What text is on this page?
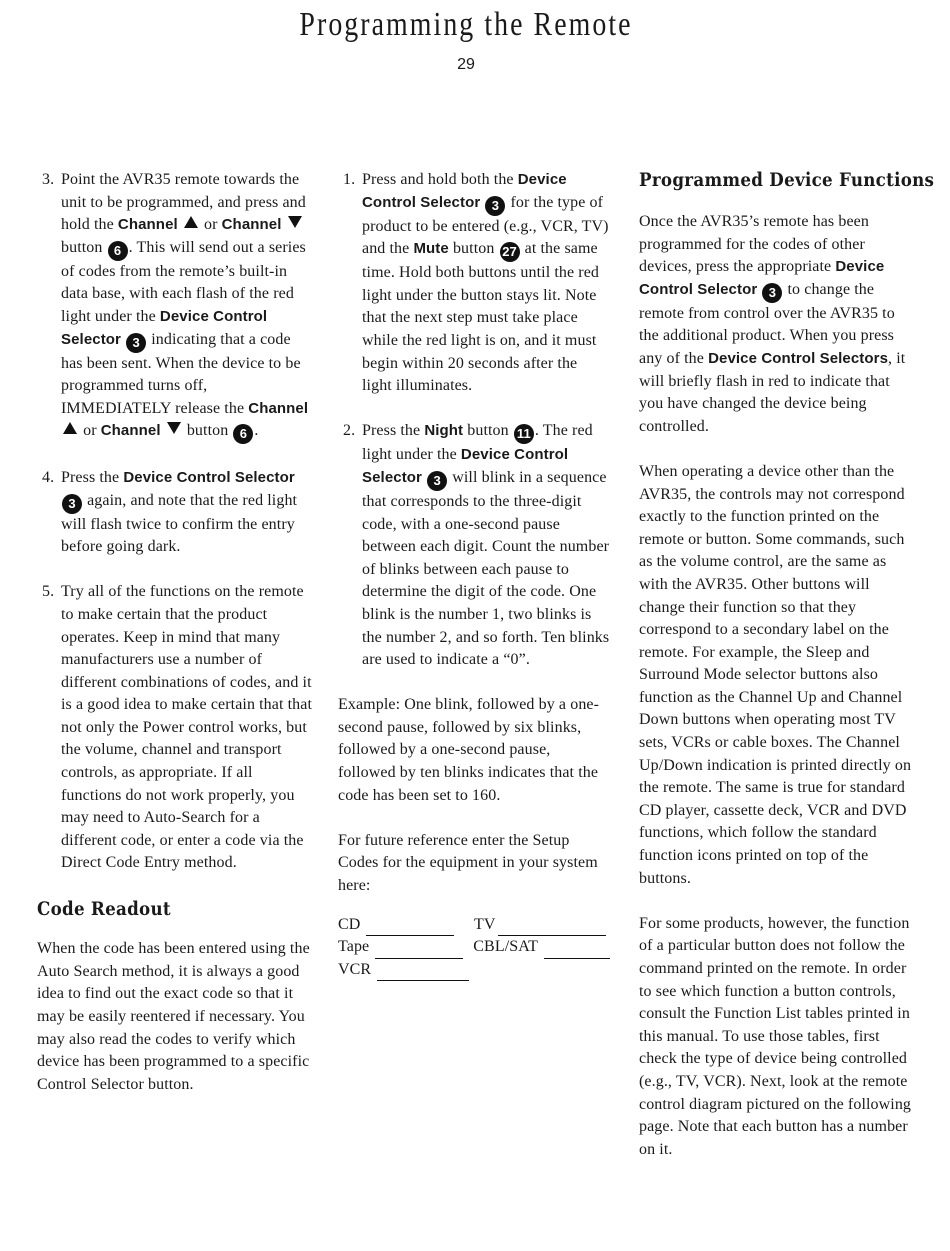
Programming the Remote
29
3. Point the AVR35 remote towards the unit to be programmed, and press and hold the Channel  or Channel  button 6 . This will send out a series of codes from the remote’s built-in data base, with each flash of the red light under the Device Control Selector 3 indicating that a code has been sent. When the device to be programmed turns off, IMMEDIATELY release the Channel
or Channel  button 6 .
4. Press the Device Control Selector
3 again, and note that the red light will flash twice to confirm the entry before going dark.
5. Try all of the functions on the remote to make certain that the product operates. Keep in mind that many manufacturers use a number of different combinations of codes, and it is a good idea to make certain that that not only the Power control works, but the volume, channel and transport controls, as appropriate. If all functions do not work properly, you may need to Auto-Search for a different code, or enter a code via the Direct Code Entry method.
Code Readout

When the code has been entered using the Auto Search method, it is always a good idea to find out the exact code so that it may be easily reentered if necessary. You may also read the codes to verify which device has been programmed to a specific Control Selector button.

1. Press and hold both the Device Control Selector 3 for the type of product to be entered (e.g., VCR, TV) and the Mute button 27 at the same time. Hold both buttons until the red light under the button stays lit. Note that the next step must take place while the red light is on, and it must begin within 20 seconds after the light illuminates.
2. Press the Night button 11 . The red light under the Device Control Selector 3 will blink in a sequence that corresponds to the three-digit code, with a one-second pause between each digit. Count the number of blinks between each pause to determine the digit of the code. One blink is the number 1, two blinks is the number 2, and so forth. Ten blinks are used to indicate a “0”.

Example: One blink, followed by a one-second pause, followed by six blinks, followed by a one-second pause, followed by ten blinks indicates that the code has been set to 160.

For future reference enter the Setup Codes for the equipment in your system here:

CD	TV
Tape	CBL/SAT
VCR
Programmed Device Functions

Once the AVR35’s remote has been programmed for the codes of other devices, press the appropriate Device Control Selector 3 to change the remote from control over the AVR35 to the additional product. When you press any of the Device Control Selectors, it will briefly flash in red to indicate that you have changed the device being controlled.

When operating a device other than the AVR35, the controls may not correspond exactly to the function printed on the remote or button. Some commands, such as the volume control, are the same as with the AVR35. Other buttons will change their function so that they correspond to a secondary label on the remote. For example, the Sleep and Surround Mode selector buttons also function as the Channel Up and Channel Down buttons when operating most TV sets, VCRs or cable boxes. The Channel Up/Down indication is printed directly on the remote. The same is true for standard CD player, cassette deck, VCR and DVD functions, which follow the standard function icons printed on top of the buttons.

For some products, however, the function of a particular button does not follow the command printed on the remote. In order to see which function a button controls, consult the Function List tables printed in this manual. To use those tables, first check the type of device being controlled (e.g., TV, VCR). Next, look at the remote control diagram pictured on the following page. Note that each button has a number on it.
